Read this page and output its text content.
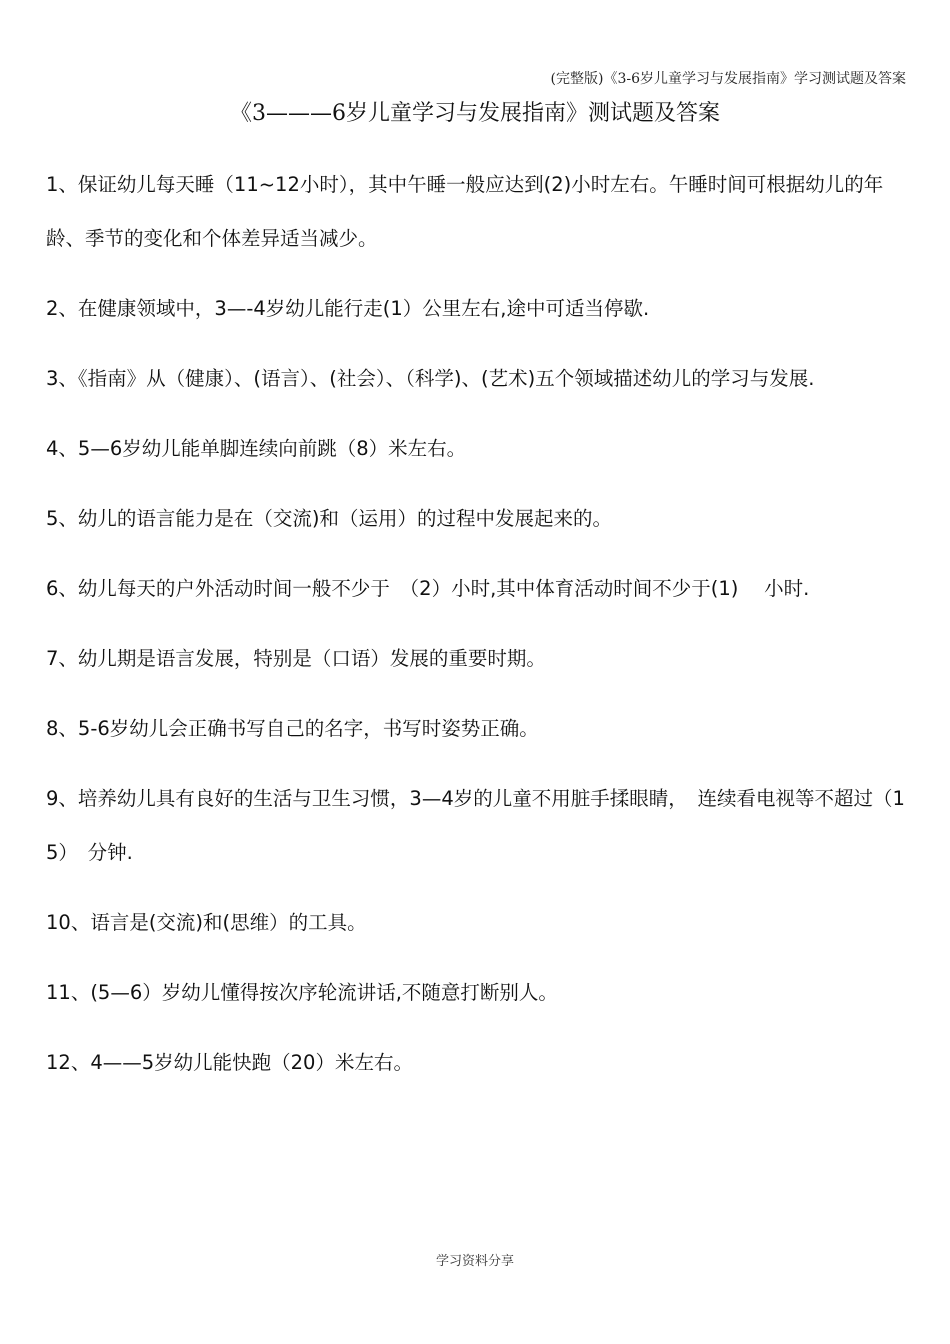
(完整版)《3-6岁儿童学习与发展指南》学习测试题及答案
《3———6岁儿童学习与发展指南》测试题及答案
1、保证幼儿每天睡（11~12小时），其中午睡一般应达到(2)小时左右。午睡时间可根据幼儿的年龄、季节的变化和个体差异适当减少。
2、在健康领域中，3—-4岁幼儿能行走(1）公里左右,途中可适当停歇.
3、《指南》从（健康）、(语言）、(社会）、（科学)、(艺术)五个领域描述幼儿的学习与发展.
4、5—6岁幼儿能单脚连续向前跳（8）米左右。
5、幼儿的语言能力是在（交流)和（运用）的过程中发展起来的。
6、幼儿每天的户外活动时间一般不少于　（2）小时,其中体育活动时间不少于(1)　 小时.
7、幼儿期是语言发展，特别是（口语）发展的重要时期。
8、5-6岁幼儿会正确书写自己的名字，书写时姿势正确。
9、培养幼儿具有良好的生活与卫生习惯，3—4岁的儿童不用脏手揉眼睛，　连续看电视等不超过（15）　分钟.
10、语言是(交流)和(思维）的工具。
11、(5—6）岁幼儿懂得按次序轮流讲话,不随意打断别人。
12、4——5岁幼儿能快跑（20）米左右。
学习资料分享
